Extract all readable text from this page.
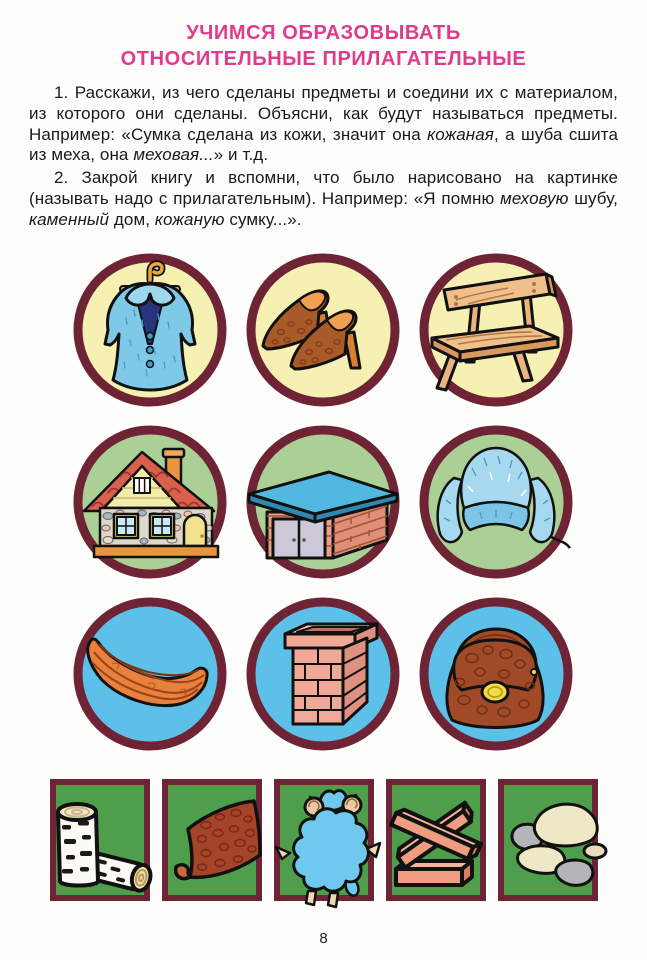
УЧИМСЯ ОБРАЗОВЫВАТЬ
ОТНОСИТЕЛЬНЫЕ ПРИЛАГАТЕЛЬНЫЕ

1. Расскажи, из чего сделаны предметы и соедини их с материалом, из которого они сделаны. Объясни, как будут называться предметы. Например: «Сумка сделана из кожи, значит она кожаная, а шуба сшита из меха, она меховая...» и т.д.

2. Закрой книгу и вспомни, что было нарисовано на картинке (называть надо с прилагательным). Например: «Я помню меховую шубу, каменный дом, кожаную сумку...».

8
